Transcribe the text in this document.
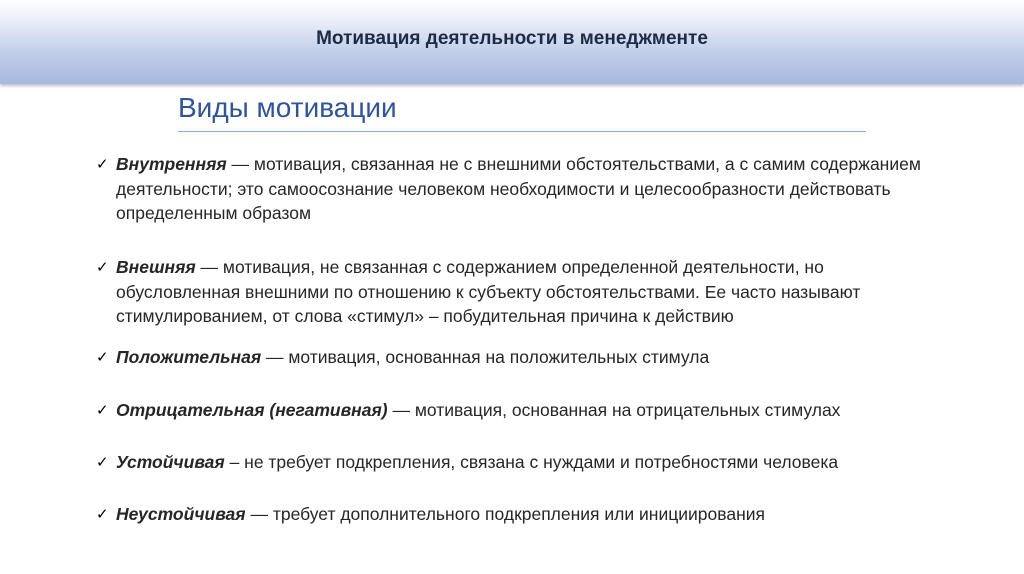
Мотивация деятельности в менеджменте
Виды мотивации
✓ Внутренняя — мотивация, связанная не с внешними обстоятельствами, а с самим содержанием деятельности; это самоосознание человеком необходимости и целесообразности действовать определенным образом
✓ Внешняя — мотивация, не связанная с содержанием определенной деятельности, но обусловленная внешними по отношению к субъекту обстоятельствами. Ее часто называют стимулированием, от слова «стимул» – побудительная причина к действию
✓ Положительная — мотивация, основанная на положительных стимула
✓ Отрицательная (негативная) — мотивация, основанная на отрицательных стимулах
✓ Устойчивая – не требует подкрепления, связана с нуждами и потребностями человека
✓ Неустойчивая — требует дополнительного подкрепления или инициирования
